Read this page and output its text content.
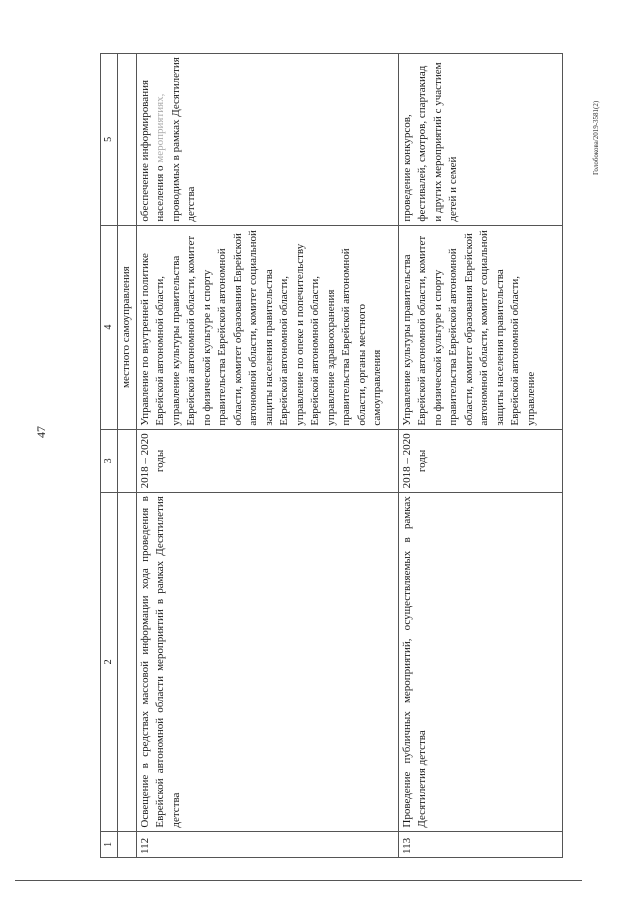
47
1	2	3	4	5
			местного самоуправления	
112	Освещение в средствах массовой информации хода проведения в Еврейской автономной области мероприятий в рамках Десятилетия детства	2018 – 2020 годы	Управление по внутренней политике Еврейской автономной области, управление культуры правительства Еврейской автономной области, комитет по физической культуре и спорту правительства Еврейской автономной области, комитет образования Еврейской автономной области, комитет социальной защиты населения правительства Еврейской автономной области, управление по опеке и попечительству Еврейской автономной области, управление здравоохранения правительства Еврейской автономной области, органы местного самоуправления	обеспечение информирования населения о мероприятиях, проводимых в рамках Десятилетия детства
113	Проведение публичных мероприятий, осуществляемых в рамках Десятилетия детства	2018 – 2020 годы	Управление культуры правительства Еврейской автономной области, комитет по физической культуре и спорту правительства Еврейской автономной области, комитет образования Еврейской автономной области, комитет социальной защиты населения правительства Еврейской автономной области, управление	проведение конкурсов, фестивалей, смотров, спартакиад и других мероприятий с участием детей и семей
Голобокова/2019-3581(2)
